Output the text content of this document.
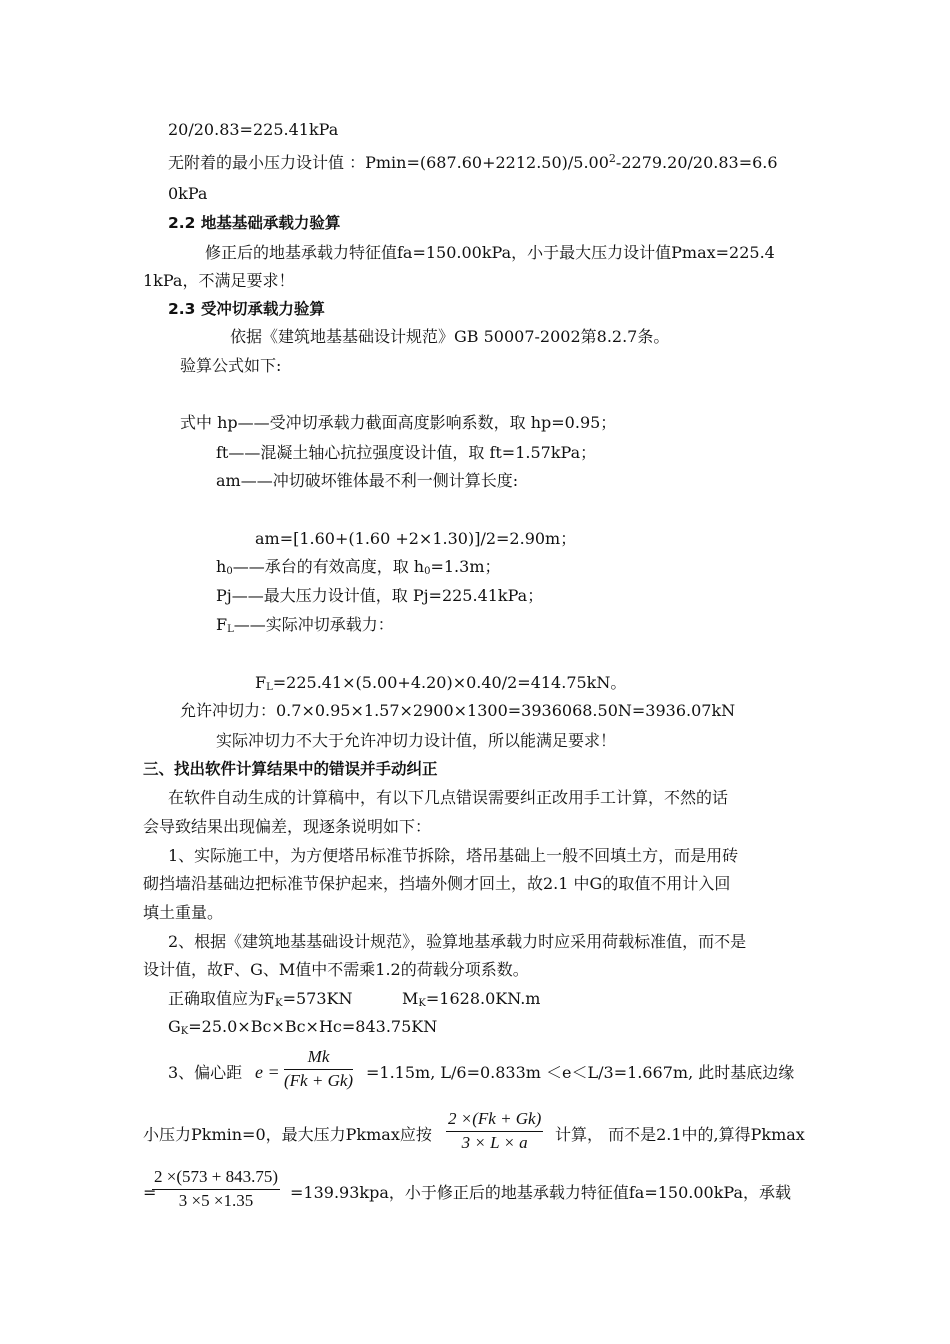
20/20.83=225.41kPa
无附着的最小压力设计值 ：$Pmin=(687.60+2212.50)/5.00^2-2279.20/20.83=6.6$
0kPa
2.2 地基基础承载力验算
修正后的地基承载力特征值fa=150.00kPa，小于最大压力设计值Pmax=225.4
1kPa，不满足要求！
2.3 受冲切承载力验算
依据《建筑地基基础设计规范》GB 50007-2002第8.2.7条。
验算公式如下:
式中 hp——受冲切承载力截面高度影响系数，取 hp=0.95；
ft——混凝土轴心抗拉强度设计值，取 ft=1.57kPa；
am——冲切破坏锥体最不利一侧计算长度:
am=[1.60+(1.60 +2×1.30)]/2=2.90m；
$h_0——$承台的有效高度，取 $h_0=1.3m$；
Pj——最大压力设计值，取 Pj=225.41kPa；
$F_L——$实际冲切承载力：
$F_L=225.41\times(5.00+4.20)\times 0.40/2=414.75kN$。
允许冲切力：0.7×0.95×1.57×2900×1300=3936068.50N=3936.07kN
实际冲切力不大于允许冲切力设计值，所以能满足要求！
三、找出软件计算结果中的错误并手动纠正
在软件自动生成的计算稿中，有以下几点错误需要纠正改用手工计算，不然的话
会导致结果出现偏差，现逐条说明如下：
1、实际施工中，为方便塔吊标准节拆除，塔吊基础上一般不回填土方，而是用砖
砌挡墙沿基础边把标准节保护起来，挡墙外侧才回土，故2.1 中G的取值不用计入回
填土重量。
2、根据《建筑地基基础设计规范》，验算地基承载力时应采用荷载标准值，而不是
设计值，故F、G、M值中不需乘1.2的荷载分项系数。
正确取值应为$F_K=573KN$	$M_K=1628.0KN.m$
$G_K=25.0\times Bc\times Bc\times Hc=843.75KN$
3、偏心距 $e = \frac{Mk}{(Fk + Gk)} =1.15m$, L/6=0.833m ＜e＜L/3=1.667m, 此时基底边缘
小压力Pkmin=0，最大压力Pkmax应按 $\frac{2 \times(Fk + Gk)}{3 \times L \times a}$ 计算， 而不是2.1中的,算得Pkmax
=
$\frac{2 \times(573 + 843.75)}{3 \times 5 \times 1.35} =139.93kpa$，小于修正后的地基承载力特征值fa=150.00kPa，承载
